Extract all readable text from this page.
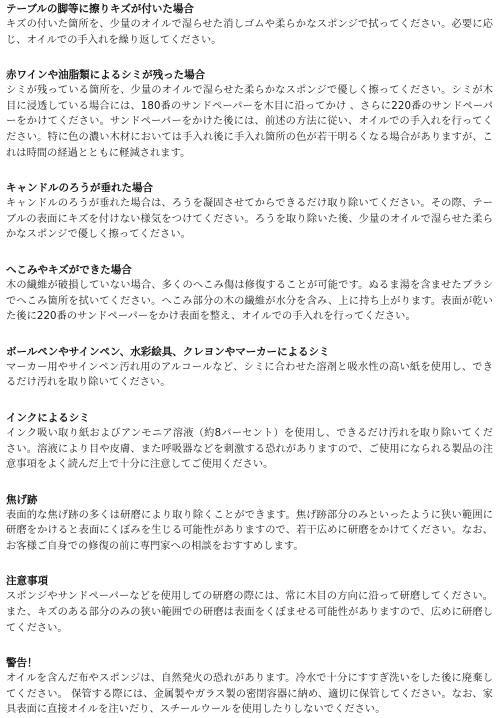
テーブルの脚等に擦りキズが付いた場合

キズの付いた箇所を、少量のオイルで湿らせた消しゴムや柔らかなスポンジで拭ってください。必要に応じ、オイルでの手入れを繰り返してください。

赤ワインや油脂類によるシミが残った場合

シミが残っている箇所を、少量のオイルで湿らせた柔らかなスポンジで優しく擦ってください。シミが木目に浸透している場合には、180番のサンドペーパーを木目に沿ってかけ 、さらに220番のサンドペーパーをかけてください。サンドペーパーをかけた後には、前述の方法に従い、オイルでの手入れを行ってください。特に色の濃い木材においては手入れ後に手入れ箇所の色が若干明るくなる場合がありますが、これは時間の経過とともに軽減されます。

キャンドルのろうが垂れた場合

キャンドルのろうが垂れた場合は、ろうを凝固させてからできるだけ取り除いてください。その際、テーブルの表面にキズを付けない様気をつけてください。ろうを取り除いた後、少量のオイルで湿らせた柔らかなスポンジで優しく擦ってください。

へこみやキズができた場合

木の繊維が破損していない場合、多くのへこみ傷は修復することが可能です。ぬるま湯を含ませたブラシでへこみ箇所を拭いてください。へこみ部分の木の繊維が水分を含み、上に持ち上がります。表面が乾いた後に220番のサンドペーパーをかけ表面を整え、オイルでの手入れを行ってください。

ボールペンやサインペン、水彩絵具、クレヨンやマーカーによるシミ

マーカー用やサインペン汚れ用のアルコールなど、シミに合わせた溶剤と吸水性の高い紙を使用し、できるだけ汚れを取り除いてください。

インクによるシミ

インク吸い取り紙およびアンモニア溶液（約8パーセント）を使用し、できるだけ汚れを取り除いてください。溶液により目や皮膚、また呼吸器などを刺激する恐れがありますので、ご使用になられる製品の注意事項をよく読んだ上で十分に注意してご使用ください。

焦げ跡

表面的な焦げ跡の多くは研磨により取り除くことができます。焦げ跡部分のみといったように狭い範囲に研磨をかけると表面にくぼみを生じる可能性がありますので、若干広めに研磨をかけてください。なお、お客様ご自身での修復の前に専門家への相談をおすすめします。

注意事項

スポンジやサンドペーパーなどを使用しての研磨の際には、常に木目の方向に沿って研磨してください。また、キズのある部分のみの狭い範囲での研磨は表面をくぼませる可能性がありますので、広めに研磨してください。

警告！

オイルを含んだ布やスポンジは、自然発火の恐れがあります。冷水で十分にすすぎ洗いをした後に廃棄してください。 保管する際には、金属製やガラス製の密閉容器に納め、適切に保管してください。なお、家具表面に直接オイルを注いだり、スチールウールを使用したりしないでください。
